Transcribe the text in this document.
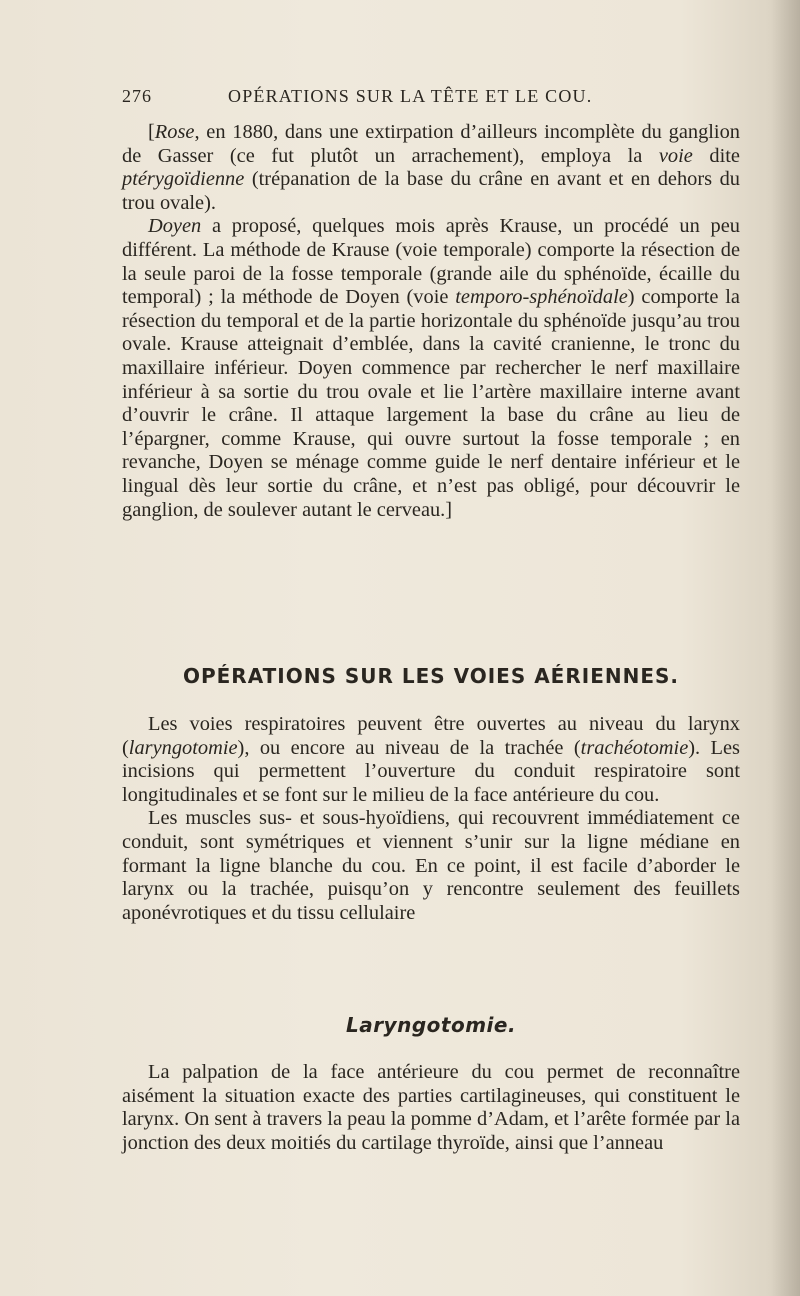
276	OPÉRATIONS SUR LA TÊTE ET LE COU.

[Rose, en 1880, dans une extirpation d’ailleurs incomplète du ganglion de Gasser (ce fut plutôt un arrachement), employa la voie dite ptérygoïdienne (trépanation de la base du crâne en avant et en dehors du trou ovale).

Doyen a proposé, quelques mois après Krause, un procédé un peu différent. La méthode de Krause (voie temporale) comporte la résection de la seule paroi de la fosse temporale (grande aile du sphénoïde, écaille du temporal) ; la méthode de Doyen (voie temporo-sphénoïdale) comporte la résection du temporal et de la partie horizontale du sphénoïde jusqu’au trou ovale. Krause atteignait d’emblée, dans la cavité cranienne, le tronc du maxillaire inférieur. Doyen commence par rechercher le nerf maxillaire inférieur à sa sortie du trou ovale et lie l’artère maxillaire interne avant d’ouvrir le crâne. Il attaque largement la base du crâne au lieu de l’épargner, comme Krause, qui ouvre surtout la fosse temporale ; en revanche, Doyen se ménage comme guide le nerf dentaire inférieur et le lingual dès leur sortie du crâne, et n’est pas obligé, pour découvrir le ganglion, de soulever autant le cerveau.]

OPÉRATIONS SUR LES VOIES AÉRIENNES.

Les voies respiratoires peuvent être ouvertes au niveau du larynx (laryngotomie), ou encore au niveau de la trachée (trachéotomie). Les incisions qui permettent l’ouverture du conduit respiratoire sont longitudinales et se font sur le milieu de la face antérieure du cou.

Les muscles sus- et sous-hyoïdiens, qui recouvrent immédiatement ce conduit, sont symétriques et viennent s’unir sur la ligne médiane en formant la ligne blanche du cou. En ce point, il est facile d’aborder le larynx ou la trachée, puisqu’on y rencontre seulement des feuillets aponévrotiques et du tissu cellulaire

Laryngotomie.

La palpation de la face antérieure du cou permet de reconnaître aisément la situation exacte des parties cartilagineuses, qui constituent le larynx. On sent à travers la peau la pomme d’Adam, et l’arête formée par la jonction des deux moitiés du cartilage thyroïde, ainsi que l’anneau
